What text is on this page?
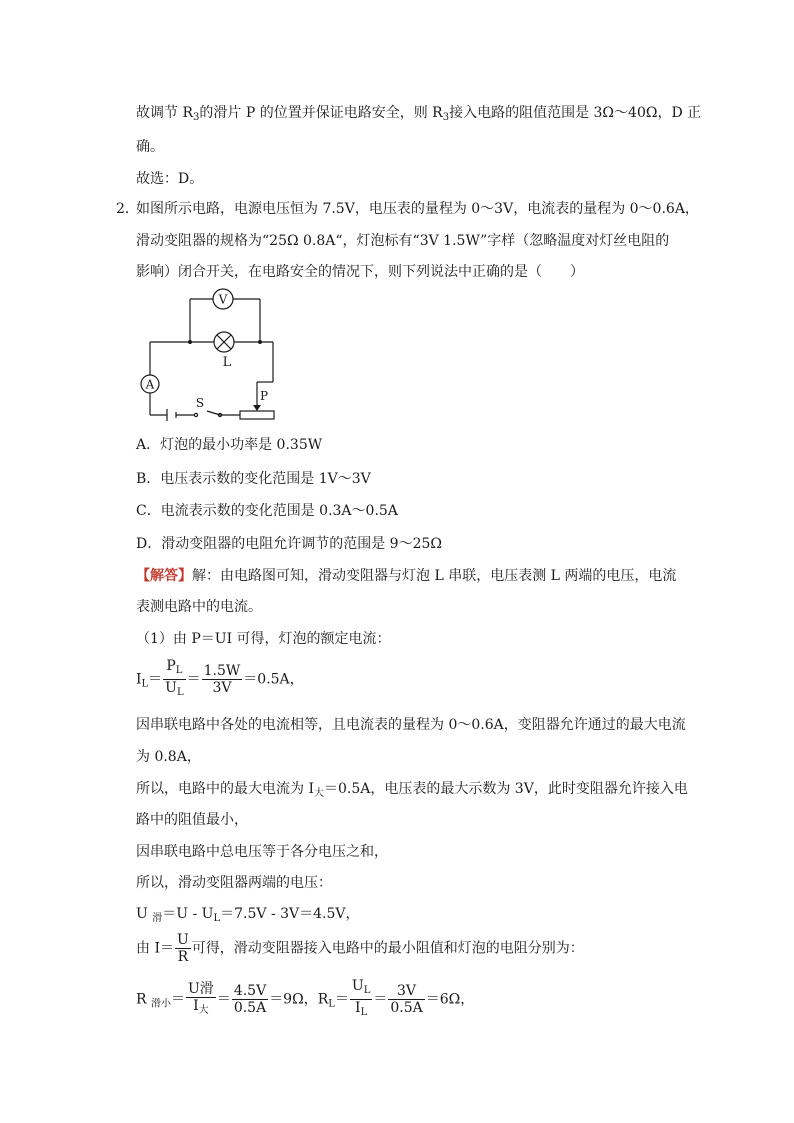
故调节 $R_3$的滑片 P 的位置并保证电路安全，则 $R_3$接入电路的阻值范围是 3Ω～40Ω，D 正
确。
故选：D。
2．
如图所示电路，电源电压恒为 7.5V，电压表的量程为 0～3V，电流表的量程为 0～0.6A，
滑动变阻器的规格为“25Ω 0.8A“，灯泡标有“3V 1.5W”字样（忽略温度对灯丝电阻的
影响）闭合开关，在电路安全的情况下，则下列说法中正确的是（　　）
V
A
L
S	P
A．灯泡的最小功率是 0.35W
B．电压表示数的变化范围是 1V～3V
C．电流表示数的变化范围是 0.3A～0.5A
D．滑动变阻器的电阻允许调节的范围是 9～25Ω
【解答】解：由电路图可知，滑动变阻器与灯泡 L 串联，电压表测 L 两端的电压，电流
表测电路中的电流。
（1）由 P＝UI 可得，灯泡的额定电流：
$I_L= \frac{P_L}{U_L} = \frac{1.5W}{3V} =0.5A$，
因串联电路中各处的电流相等，且电流表的量程为 0～0.6A，变阻器允许通过的最大电流
为 0.8A，
所以，电路中的最大电流为 $I_大=0.5A$，电压表的最大示数为 3V，此时变阻器允许接入电
路中的阻值最小，
因串联电路中总电压等于各分电压之和，
所以，滑动变阻器两端的电压：
U $_滑=U - U_L=7.5V - 3V=4.5V$，
由 $I= \frac{U}{R}$ 可得，滑动变阻器接入电路中的最小阻值和灯泡的电阻分别为：
R $_{滑小}= \frac{\text{U滑}}{I_大} = \frac{4.5V}{0.5A} =9\Omega$，$R_L= \frac{U_L}{I_L} = \frac{3V}{0.5A} =6\Omega$，
